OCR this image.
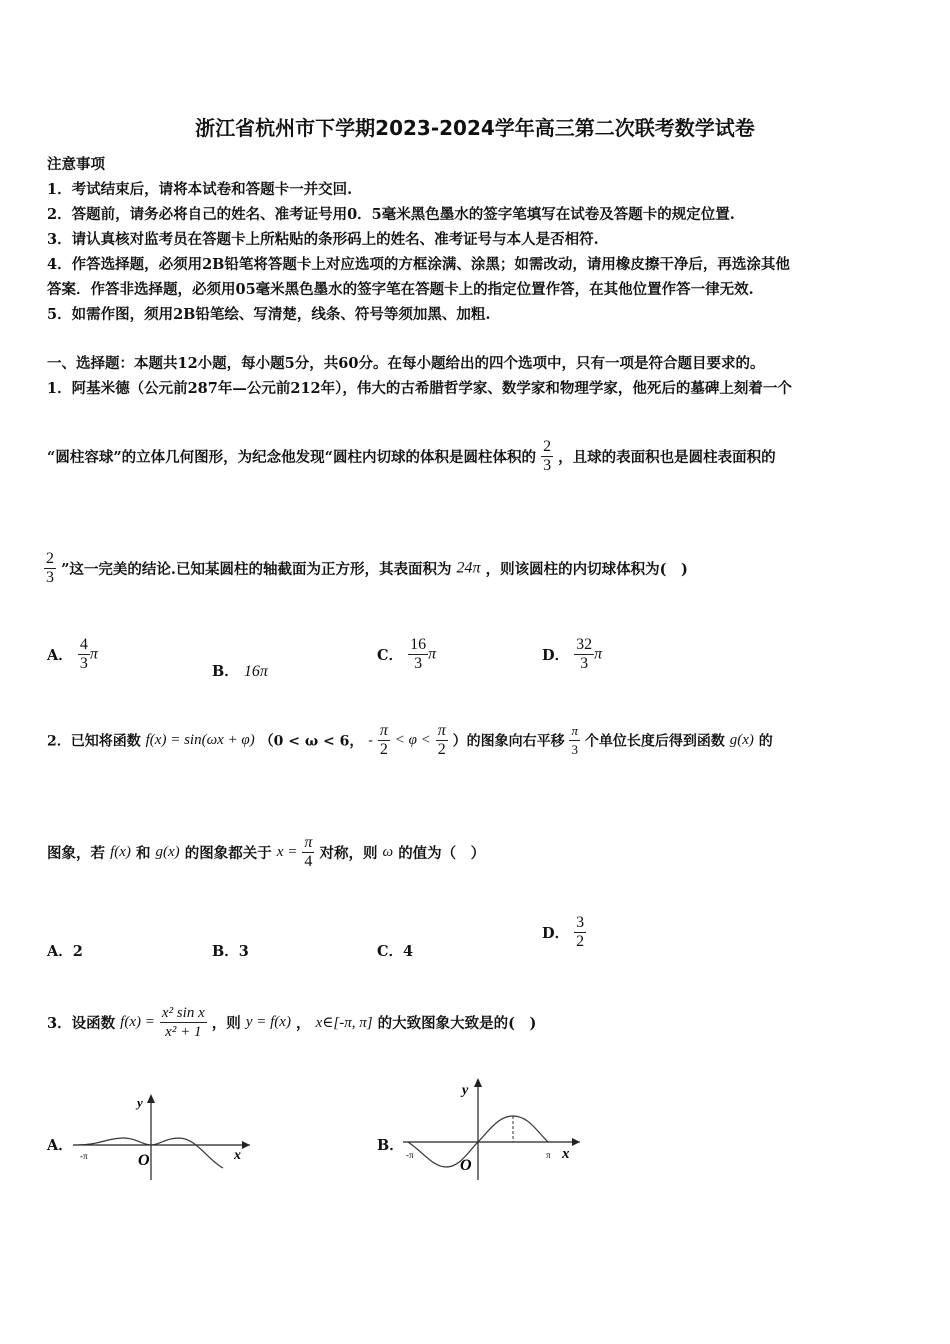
浙江省杭州市下学期2023-2024学年高三第二次联考数学试卷
注意事项
1．考试结束后，请将本试卷和答题卡一并交回.
2．答题前，请务必将自己的姓名、准考证号用0．5毫米黑色墨水的签字笔填写在试卷及答题卡的规定位置.
3．请认真核对监考员在答题卡上所粘贴的条形码上的姓名、准考证号与本人是否相符.
4．作答选择题，必须用2B铅笔将答题卡上对应选项的方框涂满、涂黑；如需改动，请用橡皮擦干净后，再选涂其他
答案．作答非选择题，必须用05毫米黑色墨水的签字笔在答题卡上的指定位置作答，在其他位置作答一律无效.
5．如需作图，须用2B铅笔绘、写清楚，线条、符号等须加黑、加粗.
一、选择题：本题共12小题，每小题5分，共60分。在每小题给出的四个选项中，只有一项是符合题目要求的。
1．阿基米德（公元前287年—公元前212年），伟大的古希腊哲学家、数学家和物理学家，他死后的墓碑上刻着一个
“圆柱容球”的立体几何图形，为纪念他发现“圆柱内切球的体积是圆柱体积的 $\frac{2}{3}$ ，且球的表面积也是圆柱表面积的
$\frac{2}{3}$ ”这一完美的结论.已知某圆柱的轴截面为正方形，其表面积为 24π ，则该圆柱的内切球体积为(　)
A． $\frac{4}{3}$ π
B． 16π
C． $\frac{16}{3}$ π	D． $\frac{32}{3}$ π
2．已知将函数 f(x) = sin(ωx + φ) （0 < ω < 6， - $\frac{\pi}{2} < \varphi < \frac{\pi}{2}$ ）的图象向右平移 $\frac{\pi}{3}$ 个单位长度后得到函数 g(x) 的
图象，若 f(x) 和 g(x) 的图象都关于 $x = \frac{\pi}{4}$ 对称，则 ω 的值为（　）
A．2	B．3	C．4
D． $\frac{3}{2}$
3．设函数 $f(x) = \frac{\text{x² sin x}}{\text{x² + 1}}$ ，则 y = f(x) ， x∈[-π, π] 的大致图象大致是的(　)
A．
-π	O
y
x
B．
-π	π
O
y
x
